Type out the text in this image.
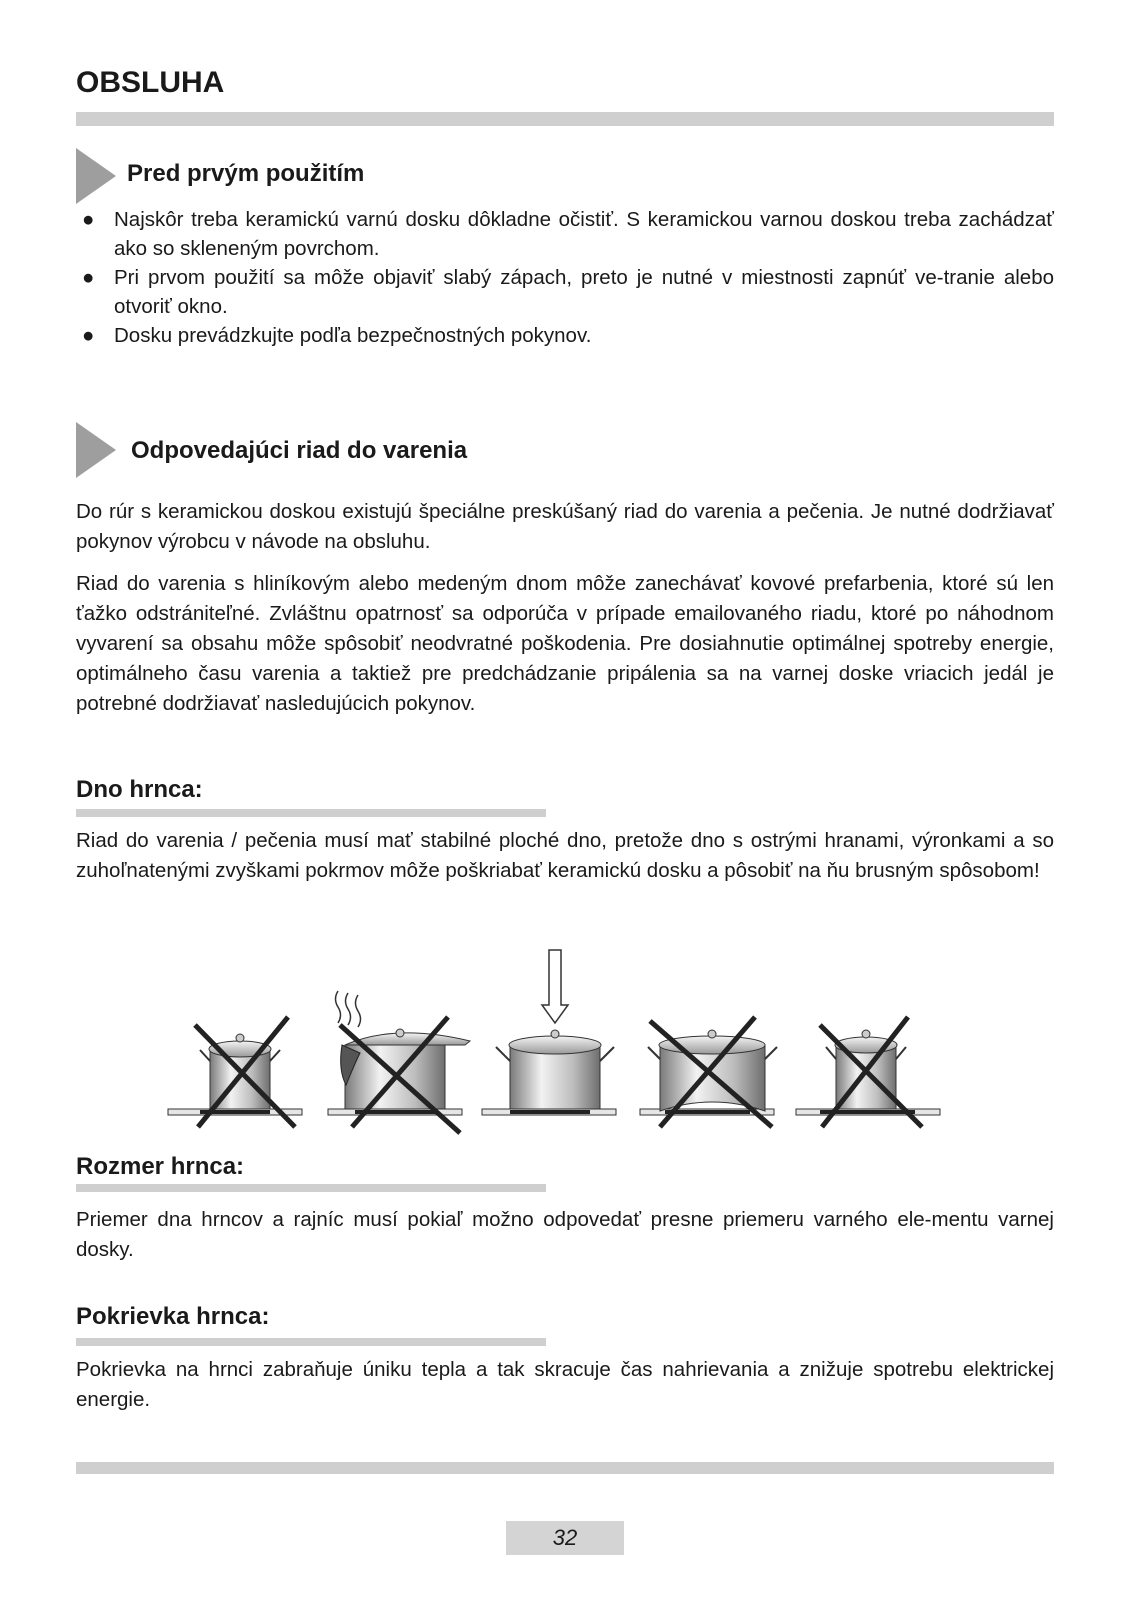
OBSLUHA
Pred prvým použitím
● Najskôr treba keramickú varnú dosku dôkladne očistiť. S keramickou varnou doskou treba zachádzať ako so skleneným povrchom.
● Pri prvom použití sa môže objaviť slabý zápach, preto je nutné v miestnosti zapnúť ve-tranie alebo otvoriť okno.
● Dosku prevádzkujte podľa bezpečnostných pokynov.
Odpovedajúci riad do varenia

Do rúr s keramickou doskou existujú špeciálne preskúšaný riad do varenia a pečenia. Je nutné dodržiavať pokynov výrobcu v návode na obsluhu.

Riad do varenia s hliníkovým alebo medeným dnom môže zanechávať kovové prefarbenia, ktoré sú len ťažko odstrániteľné. Zvláštnu opatrnosť sa odporúča v prípade emailovaného riadu, ktoré po náhodnom vyvarení sa obsahu môže spôsobiť neodvratné poškodenia. Pre dosiahnutie optimálnej spotreby energie, optimálneho času varenia a taktiež pre predchádzanie pripálenia sa na varnej doske vriacich jedál je potrebné dodržiavať nasledujúcich pokynov.

Dno hrnca:

Riad do varenia / pečenia musí mať stabilné ploché dno, pretože dno s ostrými hranami, výronkami a so zuhoľnatenými zvyškami pokrmov môže poškriabať keramickú dosku a pôsobiť na ňu brusným spôsobom!

Rozmer hrnca:

Priemer dna hrncov a rajníc musí pokiaľ možno odpovedať presne priemeru varného ele-mentu varnej dosky.

Pokrievka hrnca:

Pokrievka na hrnci zabraňuje úniku tepla a tak skracuje čas nahrievania a znižuje spotrebu elektrickej energie.

32
